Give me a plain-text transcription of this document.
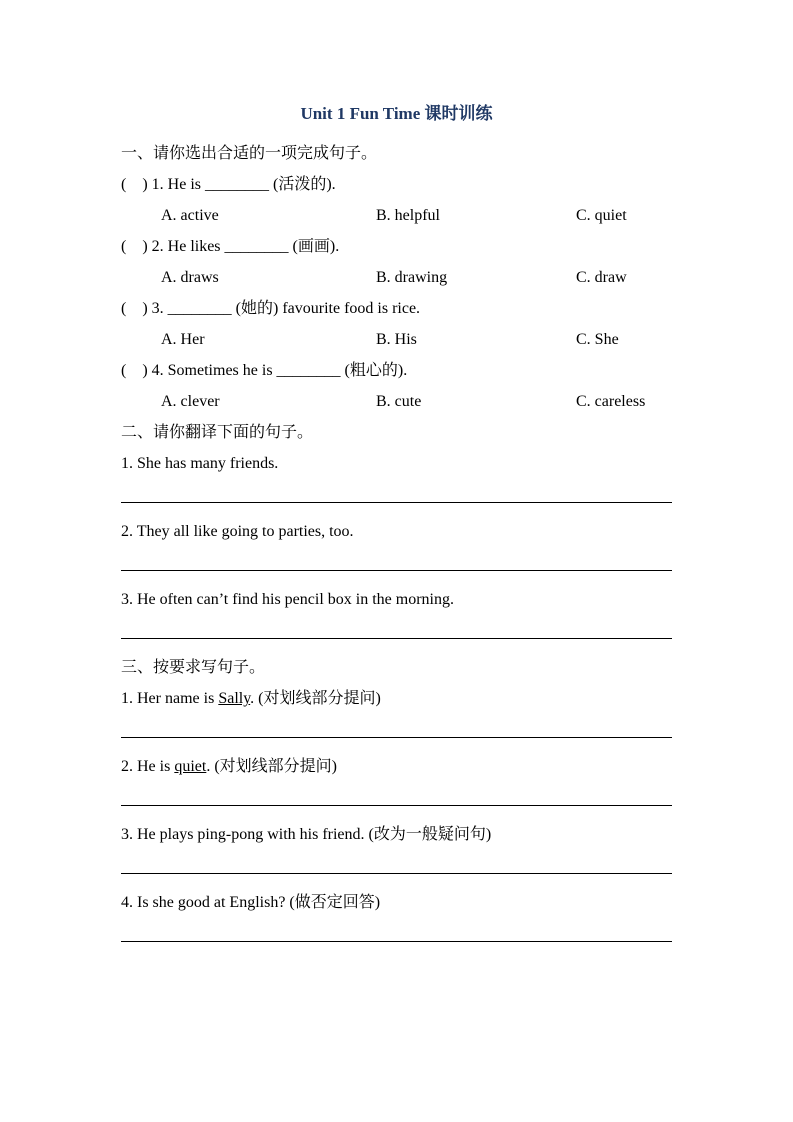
Unit 1 Fun Time 课时训练
一、请你选出合适的一项完成句子。
(    ) 1. He is ________ (活泼的).
A. active	B. helpful	C. quiet
(    ) 2. He likes ________ (画画).
A. draws	B. drawing	C. draw
(    ) 3. ________ (她的) favourite food is rice.
A. Her	B. His	C. She
(    ) 4. Sometimes he is ________ (粗心的).
A. clever	B. cute	C. careless
二、请你翻译下面的句子。
1. She has many friends.
2. They all like going to parties, too.
3. He often can’t find his pencil box in the morning.
三、按要求写句子。
1. Her name is Sally. (对划线部分提问)
2. He is quiet. (对划线部分提问)
3. He plays ping-pong with his friend. (改为一般疑问句)
4. Is she good at English? (做否定回答)
